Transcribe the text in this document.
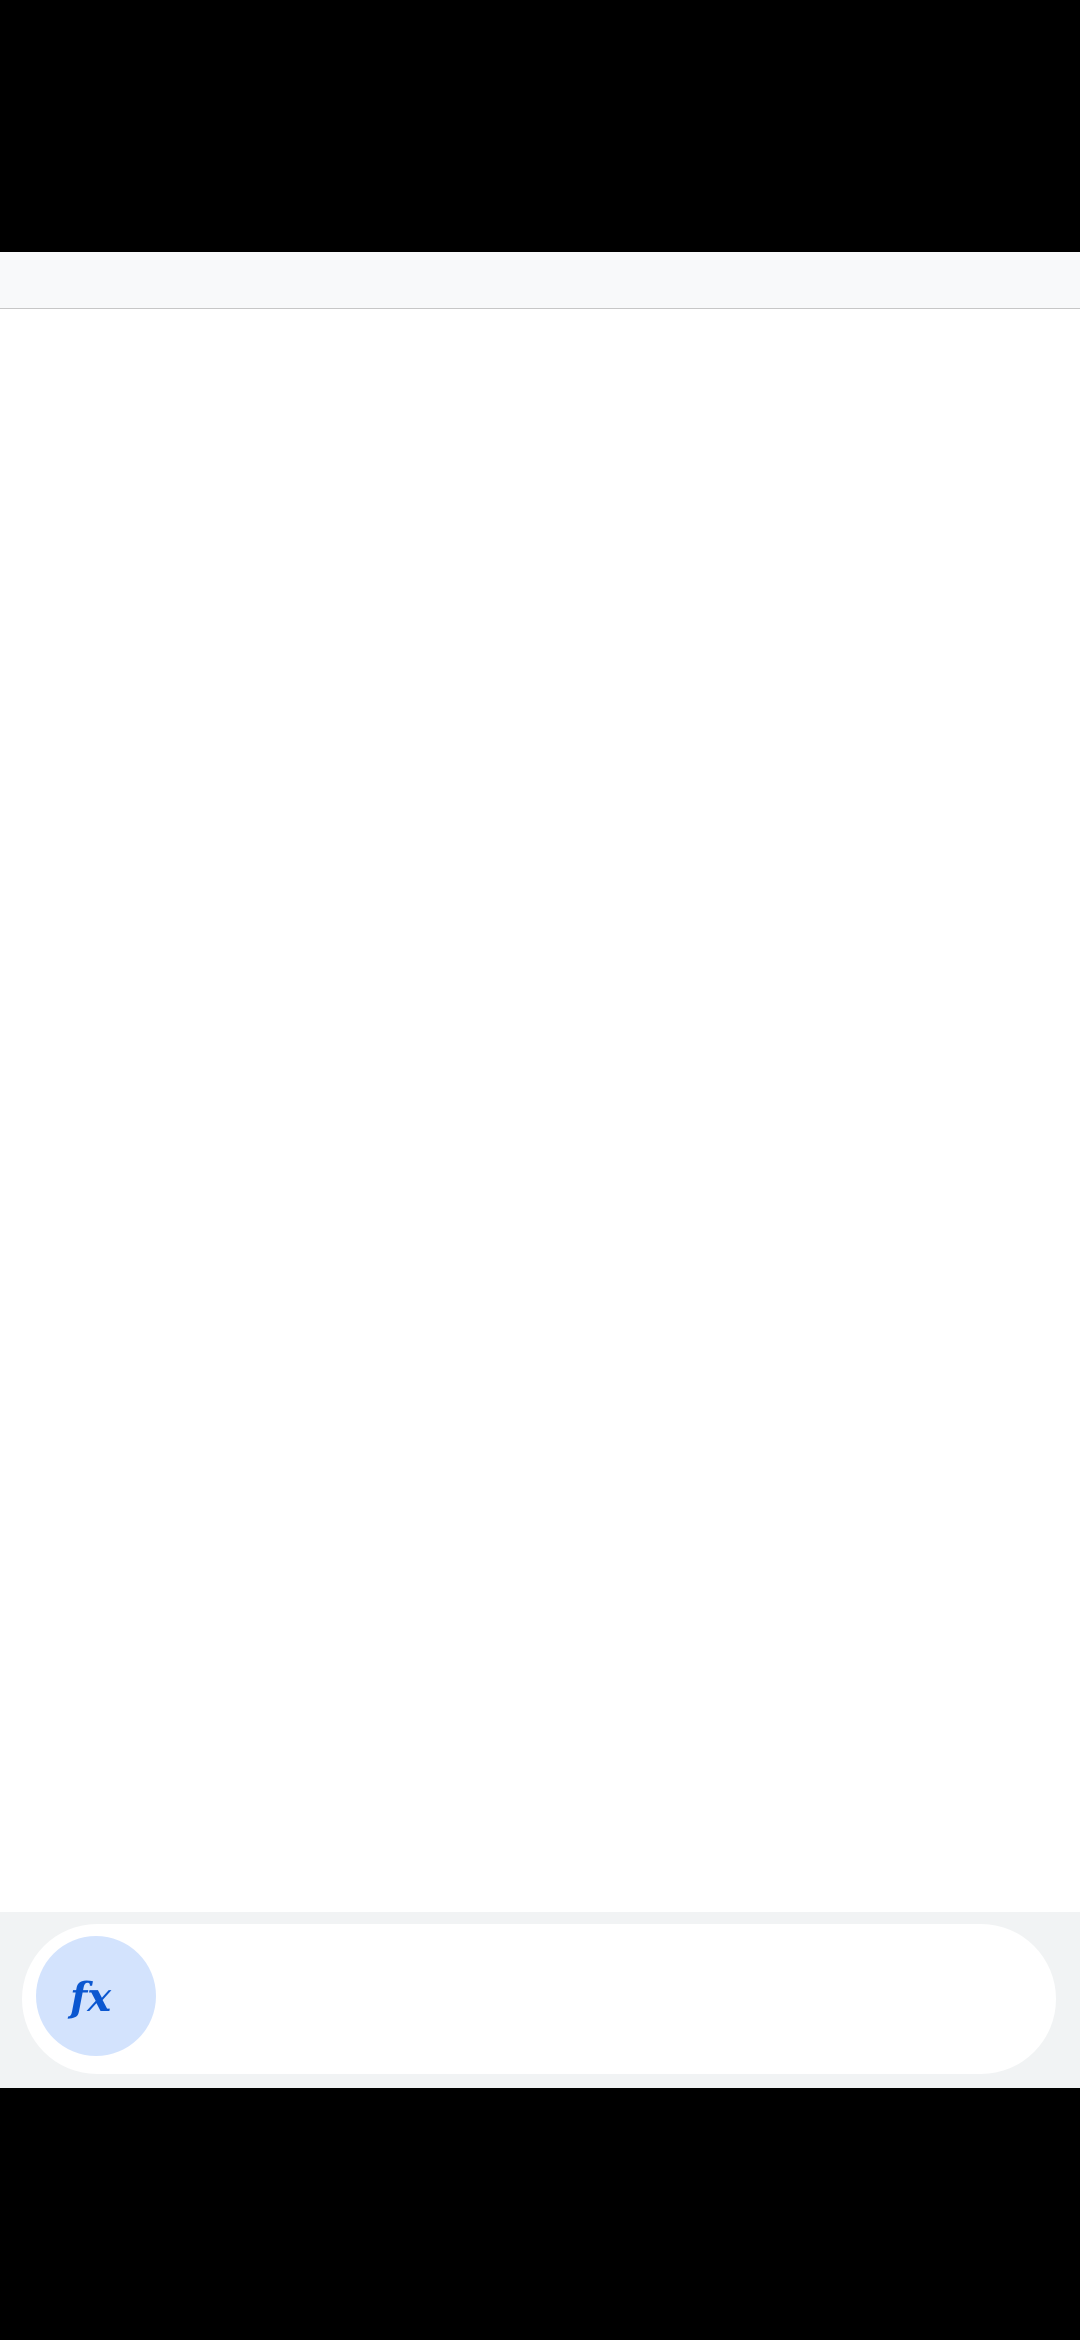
fx
